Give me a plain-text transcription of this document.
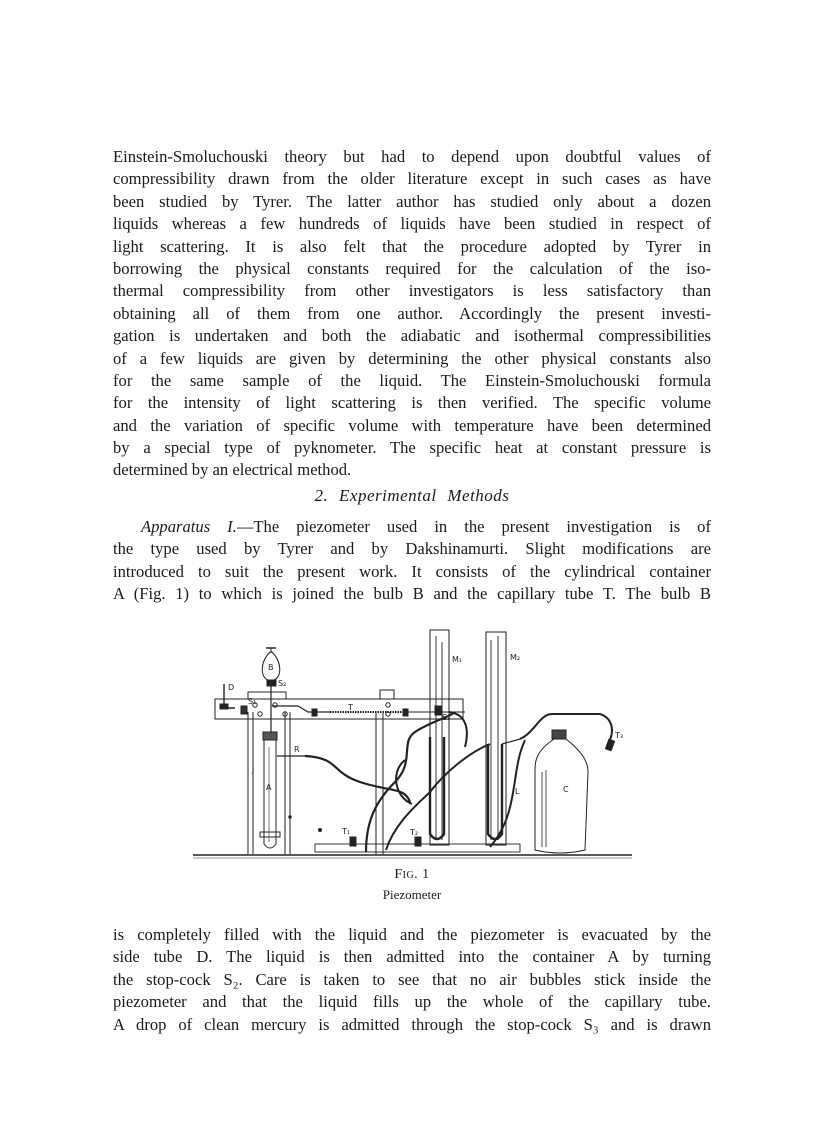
Einstein-Smoluchouski theory but had to depend upon doubtful values of
compressibility drawn from the older literature except in such cases as have
been studied by Tyrer. The latter author has studied only about a dozen
liquids whereas a few hundreds of liquids have been studied in respect of
light scattering. It is also felt that the procedure adopted by Tyrer in
borrowing the physical constants required for the calculation of the iso-
thermal compressibility from other investigators is less satisfactory than
obtaining all of them from one author. Accordingly the present investi-
gation is undertaken and both the adiabatic and isothermal compressibilities
of a few liquids are given by determining the other physical constants also
for the same sample of the liquid. The Einstein-Smoluchouski formula
for the intensity of light scattering is then verified. The specific volume
and the variation of specific volume with temperature have been determined
by a special type of pyknometer. The specific heat at constant pressure is
determined by an electrical method.
2. Experimental Methods
Apparatus I.—The piezometer used in the present investigation is of
the type used by Tyrer and by Dakshinamurti. Slight modifications are
introduced to suit the present work. It consists of the cylindrical container
A (Fig. 1) to which is joined the bulb B and the capillary tube T. The bulb B
D
S₁
S₂
B
T
S₃
M₁	M₂
R
J
A
T₁	T₂
T₃
L	C
Fig. 1
Piezometer
is completely filled with the liquid and the piezometer is evacuated by the
side tube D. The liquid is then admitted into the container A by turning
the stop-cock S₂. Care is taken to see that no air bubbles stick inside the
piezometer and that the liquid fills up the whole of the capillary tube.
A drop of clean mercury is admitted through the stop-cock S₃ and is drawn
